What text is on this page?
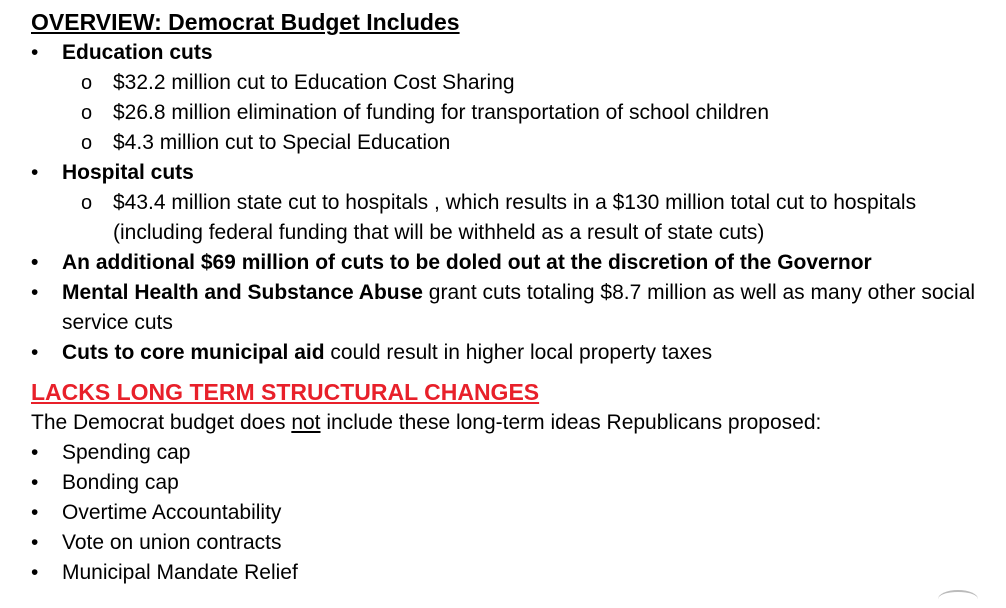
OVERVIEW: Democrat Budget Includes
• Education cuts
o $32.2 million cut to Education Cost Sharing
o $26.8 million elimination of funding for transportation of school children
o $4.3 million cut to Special Education
• Hospital cuts
o $43.4 million state cut to hospitals , which results in a $130 million total cut to hospitals (including federal funding that will be withheld as a result of state cuts)
• An additional $69 million of cuts to be doled out at the discretion of the Governor
• Mental Health and Substance Abuse grant cuts totaling $8.7 million as well as many other social service cuts
• Cuts to core municipal aid could result in higher local property taxes
LACKS LONG TERM STRUCTURAL CHANGES

The Democrat budget does not include these long-term ideas Republicans proposed:

• Spending cap
• Bonding cap
• Overtime Accountability
• Vote on union contracts
• Municipal Mandate Relief
